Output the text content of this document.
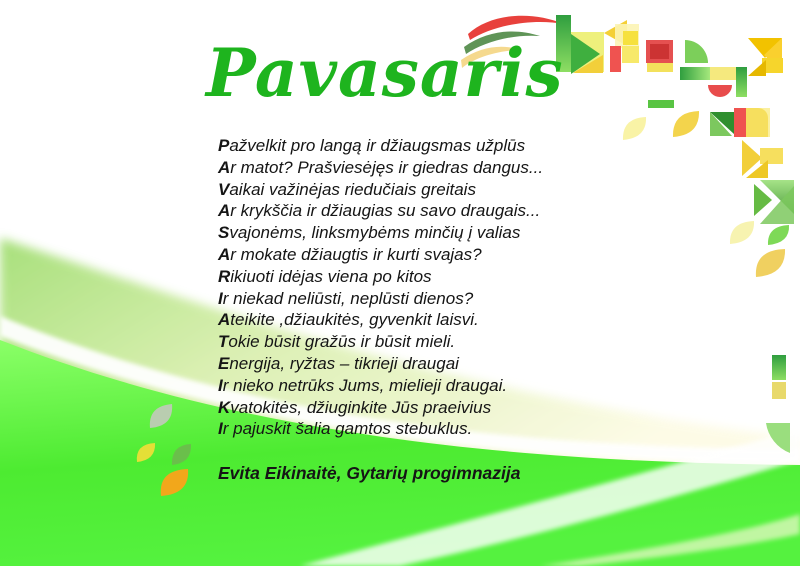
Pavasaris
Pažvelkit pro langą ir džiaugsmas užplūs
Ar matot? Prašviesėjęs ir giedras dangus...
Vaikai važinėjas riedučiais greitais
Ar krykščia ir džiaugias su savo draugais...
Svajonėms, linksmybėms minčių į valias
Ar mokate džiaugtis ir kurti svajas?
Rikiuoti idėjas viena po kitos
Ir niekad neliūsti, neplūsti dienos?
Ateikite ,džiaukitės, gyvenkit laisvi.
Tokie būsit gražūs ir būsit mieli.
Energija, ryžtas – tikrieji draugai
Ir nieko netrūks Jums, mielieji draugai.
Kvatokitės, džiuginkite Jūs praeivius
Ir pajuskit šalia gamtos stebuklus.
Evita Eikinaitė, Gytarių progimnazija
